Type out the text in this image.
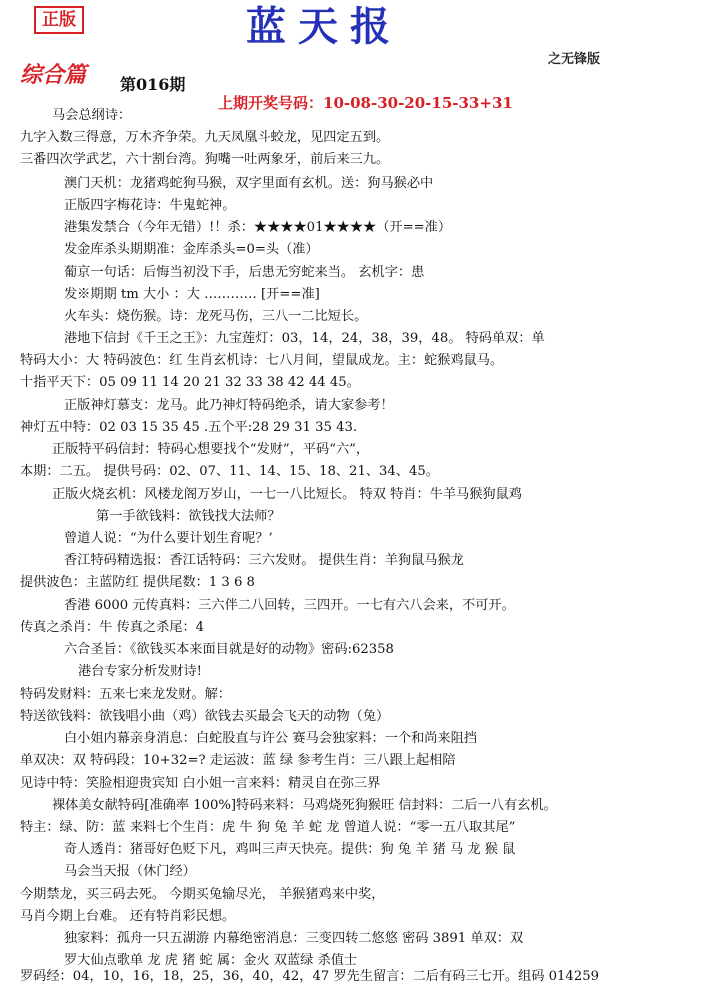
正版	蓝天报
之无锋版
综合篇 第016期
上期开奖号码：10-08-30-20-15-33+31
马会总纲诗：
九字入数三得意，万木齐争荣。九天凤凰斗蛟龙，见四定五到。
三番四次学武艺，六十割台湾。狗嘴一吐两象牙，前后来三九。
澳门天机：龙猪鸡蛇狗马猴，双字里面有玄机。送：狗马猴必中
正版四字梅花诗：牛鬼蛇神。
港集发禁合（今年无错）!！杀：★★★★01★★★★（开==准）
发金库杀头期期准：金库杀头=0=头（准）
葡京一句话：后悔当初没下手，后患无穷蛇来当。 玄机字：患
发※期期 tm 大小 ：大 ………… [开==准]
火车头：烧伤猴。诗：龙死马伤，三八一二比短长。
港地下信封《千王之王》：九宝莲灯：03，14，24，38，39，48。 特码单双：单
特码大小：大 特码波色：红 生肖玄机诗：七八月间，望鼠成龙。主：蛇猴鸡鼠马。
十指平天下：05 09 11 14 20 21 32 33 38 42 44 45。
正版神灯慕支：龙马。此乃神灯特码绝杀，请大家参考！
神灯五中特：02 03 15 35 45 .五个平:28 29 31 35 43.
正版特平码信封：特码心想要找个“发财”，平码“六”，
本期：二五。 提供号码：02、07、11、14、15、18、21、34、45。
正版火烧玄机：风楼龙阁万岁山，一七一八比短长。 特双 特肖：牛羊马猴狗鼠鸡
第一手欲钱料：欲钱找大法师？
曾道人说：“为什么要计划生育呢？’
香江特码精选报：香江话特码：三六发财。 提供生肖：羊狗鼠马猴龙
提供波色：主蓝防红 提供尾数：1 3 6 8
香港 6000 元传真料：三六伴二八回转，三四开。一七有六八会来，不可开。
传真之杀肖：牛 传真之杀尾：4
六合圣旨：《欲钱买本来面目就是好的动物》密码:62358
港台专家分析发财诗!
特码发财料：五来七来龙发财。解：
特送欲钱料：欲钱唱小曲（鸡）欲钱去买最会飞天的动物（兔）
白小姐内幕亲身消息：白蛇股直与许公 赛马会独家料：一个和尚来阻挡
单双决：双 特码段：10+32=? 走运波：蓝 绿 参考生肖：三八跟上起相陪
见诗中特：笑脸相迎贵宾知 白小姐一言来料：精灵自在弥三界
裸体美女献特码[准确率 100%]特码来料：马鸡烧死狗猴旺 信封料：二后一八有玄机。
特主：绿、防：蓝 来料七个生肖：虎 牛 狗 兔 羊 蛇 龙 曾道人说：“零一五八取其尾”
奇人透肖：猪哥好色贬下凡，鸡叫三声天快亮。提供：狗 兔 羊 猪 马 龙 猴 鼠
马会当天报（休门经）
今期禁龙，买三码去死。 今期买兔输尽光， 羊猴猪鸡来中奖，
马肖今期上台难。 还有特肖彩民想。
独家料：孤舟一只五湖游 内幕绝密消息：三变四转二悠悠 密码 3891 单双：双
罗大仙点歌单 龙 虎 猪 蛇 属：金火 双蓝绿 杀值士
罗码经：04，10，16，18，25，36，40，42，47 罗先生留言：二后有码三七开。组码 014259
